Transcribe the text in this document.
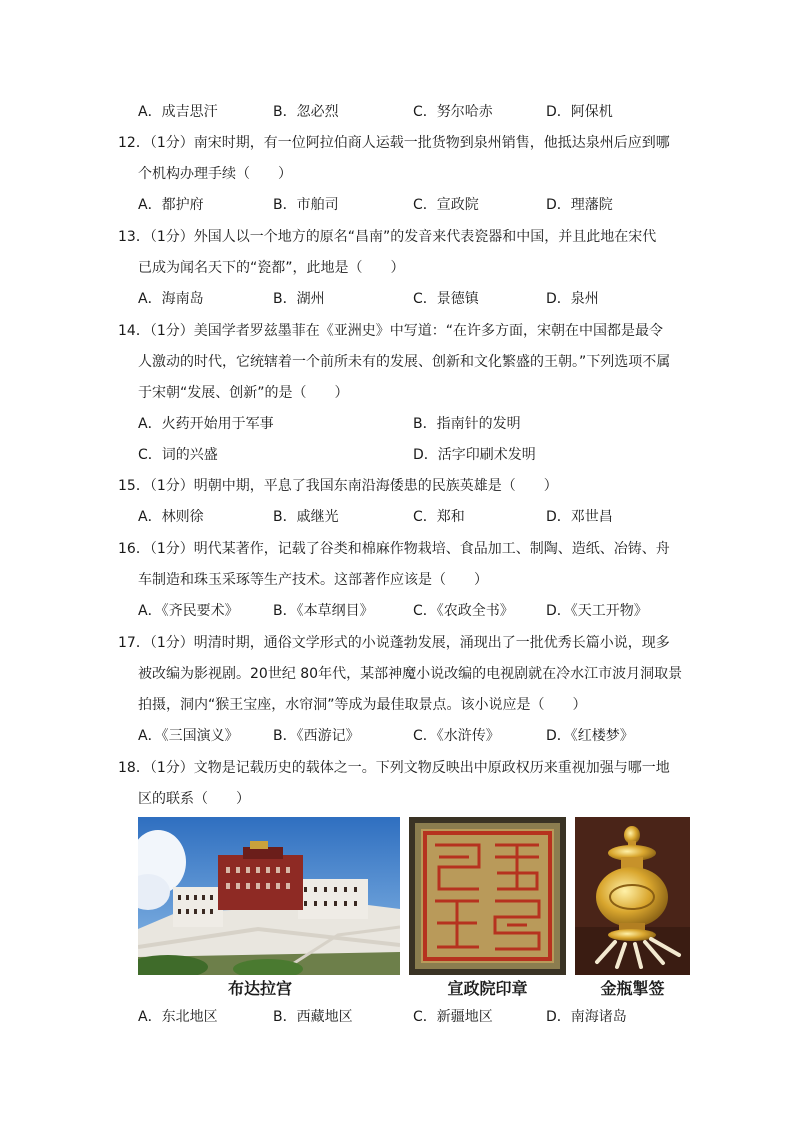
A．成吉思汗	B．忽必烈	C．努尔哈赤	D．阿保机
12．（1分）南宋时期，有一位阿拉伯商人运载一批货物到泉州销售，他抵达泉州后应到哪
个机构办理手续（　　）
A．都护府	B．市舶司	C．宣政院	D．理藩院
13．（1分）外国人以一个地方的原名“昌南”的发音来代表瓷器和中国，并且此地在宋代
已成为闻名天下的“瓷都”，此地是（　　）
A．海南岛	B．湖州	C．景德镇	D．泉州
14．（1分）美国学者罗兹墨菲在《亚洲史》中写道：“在许多方面，宋朝在中国都是最令
人激动的时代，它统辖着一个前所未有的发展、创新和文化繁盛的王朝。”下列选项不属
于宋朝“发展、创新”的是（　　）
A．火药开始用于军事	B．指南针的发明
C．词的兴盛	D．活字印刷术发明
15．（1分）明朝中期，平息了我国东南沿海倭患的民族英雄是（　　）
A．林则徐	B．戚继光	C．郑和	D．邓世昌
16．（1分）明代某著作，记载了谷类和棉麻作物栽培、食品加工、制陶、造纸、冶铸、舟
车制造和珠玉采琢等生产技术。这部著作应该是（　　）
A．《齐民要术》 B．《本草纲目》	C．《农政全书》 D．《天工开物》
17．（1分）明清时期，通俗文学形式的小说蓬勃发展，涌现出了一批优秀长篇小说，现多
被改编为影视剧。20世纪 80年代，某部神魔小说改编的电视剧就在冷水江市波月洞取景
拍摄，洞内“猴王宝座，水帘洞”等成为最佳取景点。该小说应是（　　）
A．《三国演义》 B．《西游记》	C．《水浒传》	D．《红楼梦》
18．（1分）文物是记载历史的载体之一。下列文物反映出中原政权历来重视加强与哪一地
区的联系（　　）
布达拉宫	宣政院印章	金瓶掣签
A．东北地区	B．西藏地区	C．新疆地区	D．南海诸岛
